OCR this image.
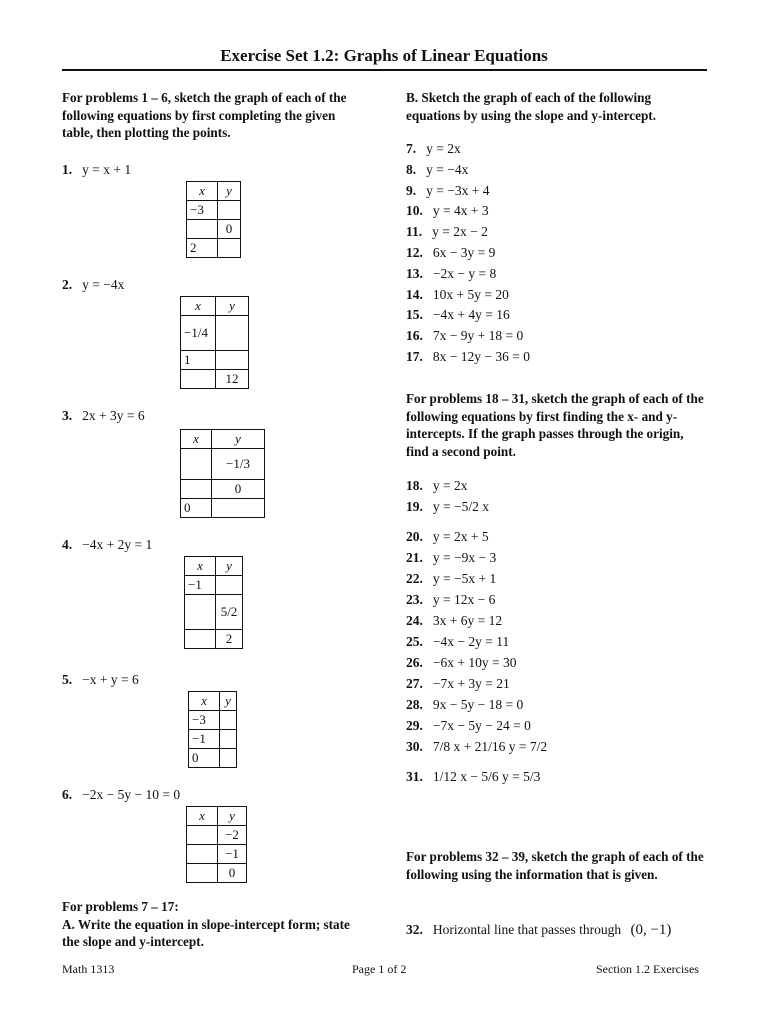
Exercise Set 1.2: Graphs of Linear Equations
For problems 1 – 6, sketch the graph of each of the following equations by first completing the given table, then plotting the points.
1. y = x + 1
x	y
−3	
	0
2	
2. y = −4x
x	y
−1/4	
1	
	12
3. 2x + 3y = 6
x	y
	−1/3
	0
0	
4. −4x + 2y = 1
x	y
−1	
	5/2
	2
5. −x + y = 6
x	y
−3	
−1	
0	
6. −2x − 5y − 10 = 0
x	y
	−2
	−1
	0
For problems 7 – 17:
A. Write the equation in slope-intercept form; state the slope and y-intercept.
B. Sketch the graph of each of the following equations by using the slope and y-intercept.
7. y = 2x
8. y = −4x
9. y = −3x + 4
10. y = 4x + 3
11. y = 2x − 2
12. 6x − 3y = 9
13. −2x − y = 8
14. 10x + 5y = 20
15. −4x + 4y = 16
16. 7x − 9y + 18 = 0
17. 8x − 12y − 36 = 0
For problems 18 – 31, sketch the graph of each of the following equations by first finding the x- and y-intercepts. If the graph passes through the origin, find a second point.
18. y = 2x
19. y = −5/2 x
20. y = 2x + 5
21. y = −9x − 3
22. y = −5x + 1
23. y = 12x − 6
24. 3x + 6y = 12
25. −4x − 2y = 11
26. −6x + 10y = 30
27. −7x + 3y = 21
28. 9x − 5y − 18 = 0
29. −7x − 5y − 24 = 0
30. 7/8 x + 21/16 y = 7/2
31. 1/12 x − 5/6 y = 5/3
For problems 32 – 39, sketch the graph of each of the following using the information that is given.
32. Horizontal line that passes through (0, −1)
Math 1313	Page 1 of 2	Section 1.2 Exercises
